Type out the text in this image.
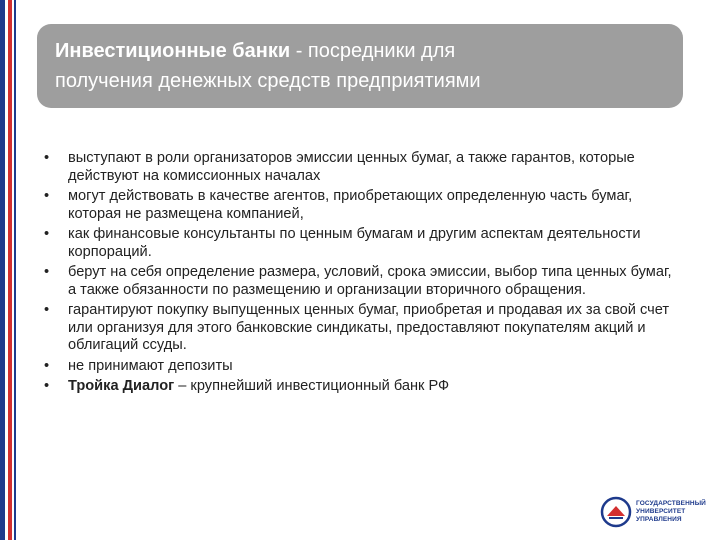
Инвестиционные банки - посредники для
получения денежных средств предприятиями
• выступают в роли организаторов эмиссии ценных бумаг, а также гарантов, которые действуют на комиссионных началах
• могут действовать в качестве агентов, приобретающих определенную часть бумаг, которая не размещена компанией,
• как финансовые консультанты по ценным бумагам и другим аспектам деятельности корпораций.
• берут на себя определение размера, условий, срока эмиссии, выбор типа ценных бумаг, а также обязанности по размещению и организации вторичного обращения.
• гарантируют покупку выпущенных ценных бумаг, приобретая и продавая их за свой счет или организуя для этого банковские синдикаты, предоставляют покупателям акций и облигаций ссуды.
• не принимают депозиты
• Тройка Диалог – крупнейший инвестиционный банк РФ
ГОСУДАРСТВЕННЫЙ
УНИВЕРСИТЕТ
УПРАВЛЕНИЯ
